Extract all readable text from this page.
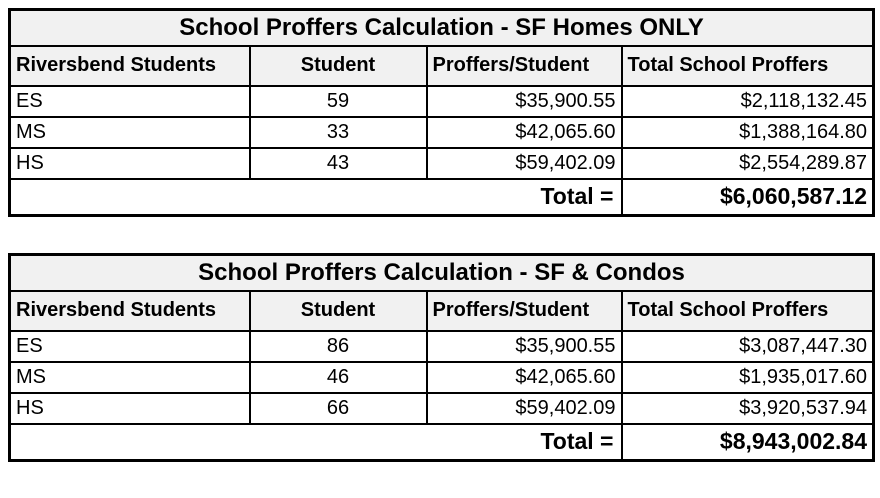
School Proffers Calculation - SF Homes ONLY			
Riversbend Students	Student	Proffers/Student	Total School Proffers
ES	59	$35,900.55	$2,118,132.45
MS	33	$42,065.60	$1,388,164.80
HS	43	$59,402.09	$2,554,289.87
Total =			$6,060,587.12
School Proffers Calculation - SF & Condos			
Riversbend Students	Student	Proffers/Student	Total School Proffers
ES	86	$35,900.55	$3,087,447.30
MS	46	$42,065.60	$1,935,017.60
HS	66	$59,402.09	$3,920,537.94
Total =			$8,943,002.84
